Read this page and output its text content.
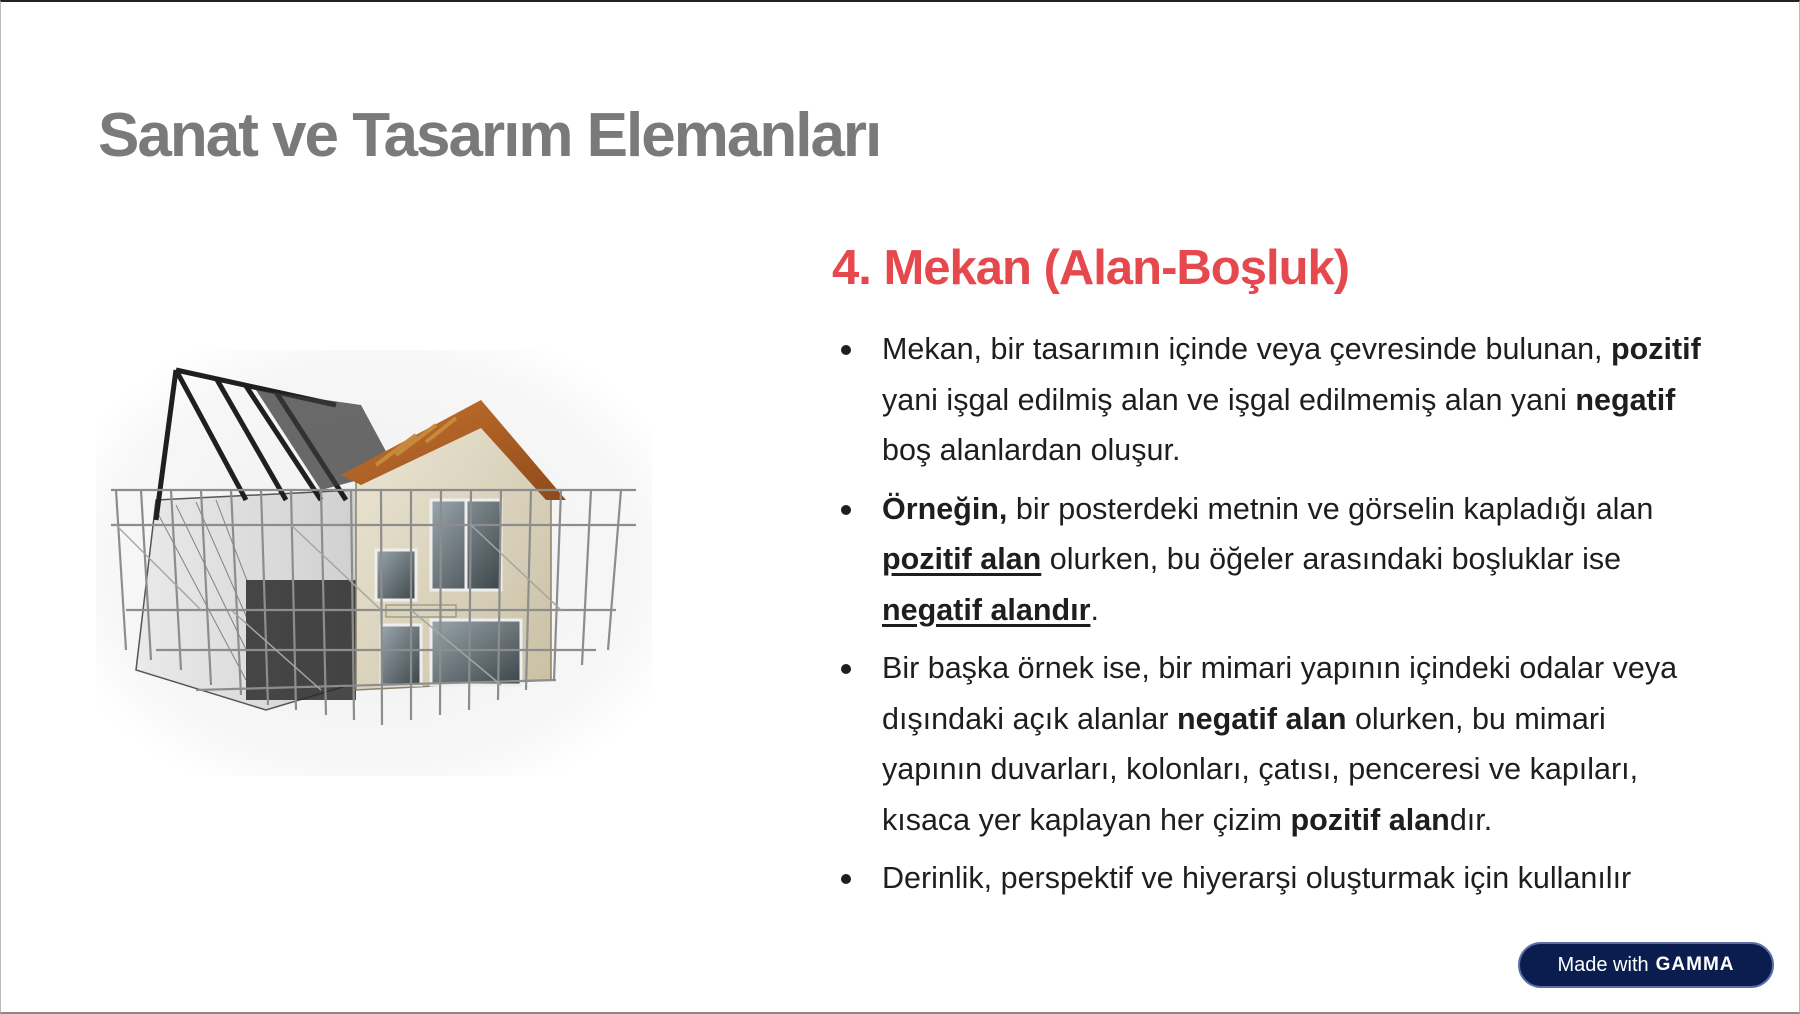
Sanat ve Tasarım Elemanları
4. Mekan (Alan-Boşluk)
Mekan, bir tasarımın içinde veya çevresinde bulunan, pozitif yani işgal edilmiş alan ve işgal edilmemiş alan yani negatif boş alanlardan oluşur.
Örneğin, bir posterdeki metnin ve görselin kapladığı alan pozitif alan olurken, bu öğeler arasındaki boşluklar ise negatif alandır.
Bir başka örnek ise, bir mimari yapının içindeki odalar veya dışındaki açık alanlar negatif alan olurken, bu mimari yapının duvarları, kolonları, çatısı, penceresi ve kapıları, kısaca yer kaplayan her çizim pozitif alandır.
Derinlik, perspektif ve hiyerarşi oluşturmak için kullanılır
Made with GAMMA
